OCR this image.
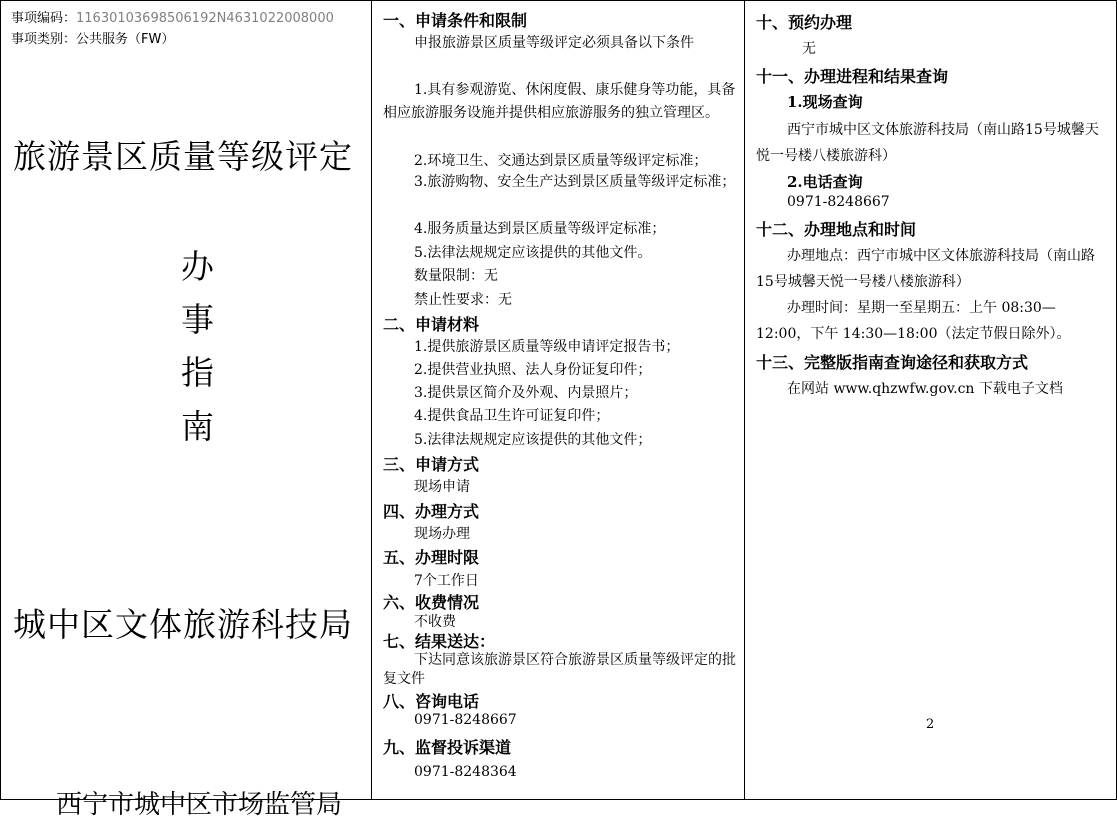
事项编码：11630103698506192N4631022008000
事项类别：公共服务（FW）
旅游景区质量等级评定
办
事
指
南
城中区文体旅游科技局
西宁市城中区市场监管局
一、申请条件和限制
申报旅游景区质量等级评定必须具备以下条件
1.具有参观游览、休闲度假、康乐健身等功能，具备相应旅游服务设施并提供相应旅游服务的独立管理区。
2.环境卫生、交通达到景区质量等级评定标准；
3.旅游购物、安全生产达到景区质量等级评定标准；
4.服务质量达到景区质量等级评定标准；
5.法律法规规定应该提供的其他文件。
数量限制：无
禁止性要求：无
二、申请材料
1.提供旅游景区质量等级申请评定报告书；
2.提供营业执照、法人身份证复印件；
3.提供景区简介及外观、内景照片；
4.提供食品卫生许可证复印件；
5.法律法规规定应该提供的其他文件；
三、申请方式
现场申请
四、办理方式
现场办理
五、办理时限
7个工作日
六、收费情况
不收费
七、结果送达：
下达同意该旅游景区符合旅游景区质量等级评定的批复文件
八、咨询电话
0971-8248667
九、监督投诉渠道
0971-8248364
十、预约办理
无
十一、办理进程和结果查询
1.现场查询
西宁市城中区文体旅游科技局（南山路15号城馨天悦一号楼八楼旅游科）
2.电话查询
0971-8248667
十二、办理地点和时间
办理地点：西宁市城中区文体旅游科技局（南山路15号城馨天悦一号楼八楼旅游科）
办理时间：星期一至星期五：上午 08:30—12:00，下午 14:30—18:00（法定节假日除外）。
十三、完整版指南查询途径和获取方式
在网站 www.qhzwfw.gov.cn 下载电子文档
2
